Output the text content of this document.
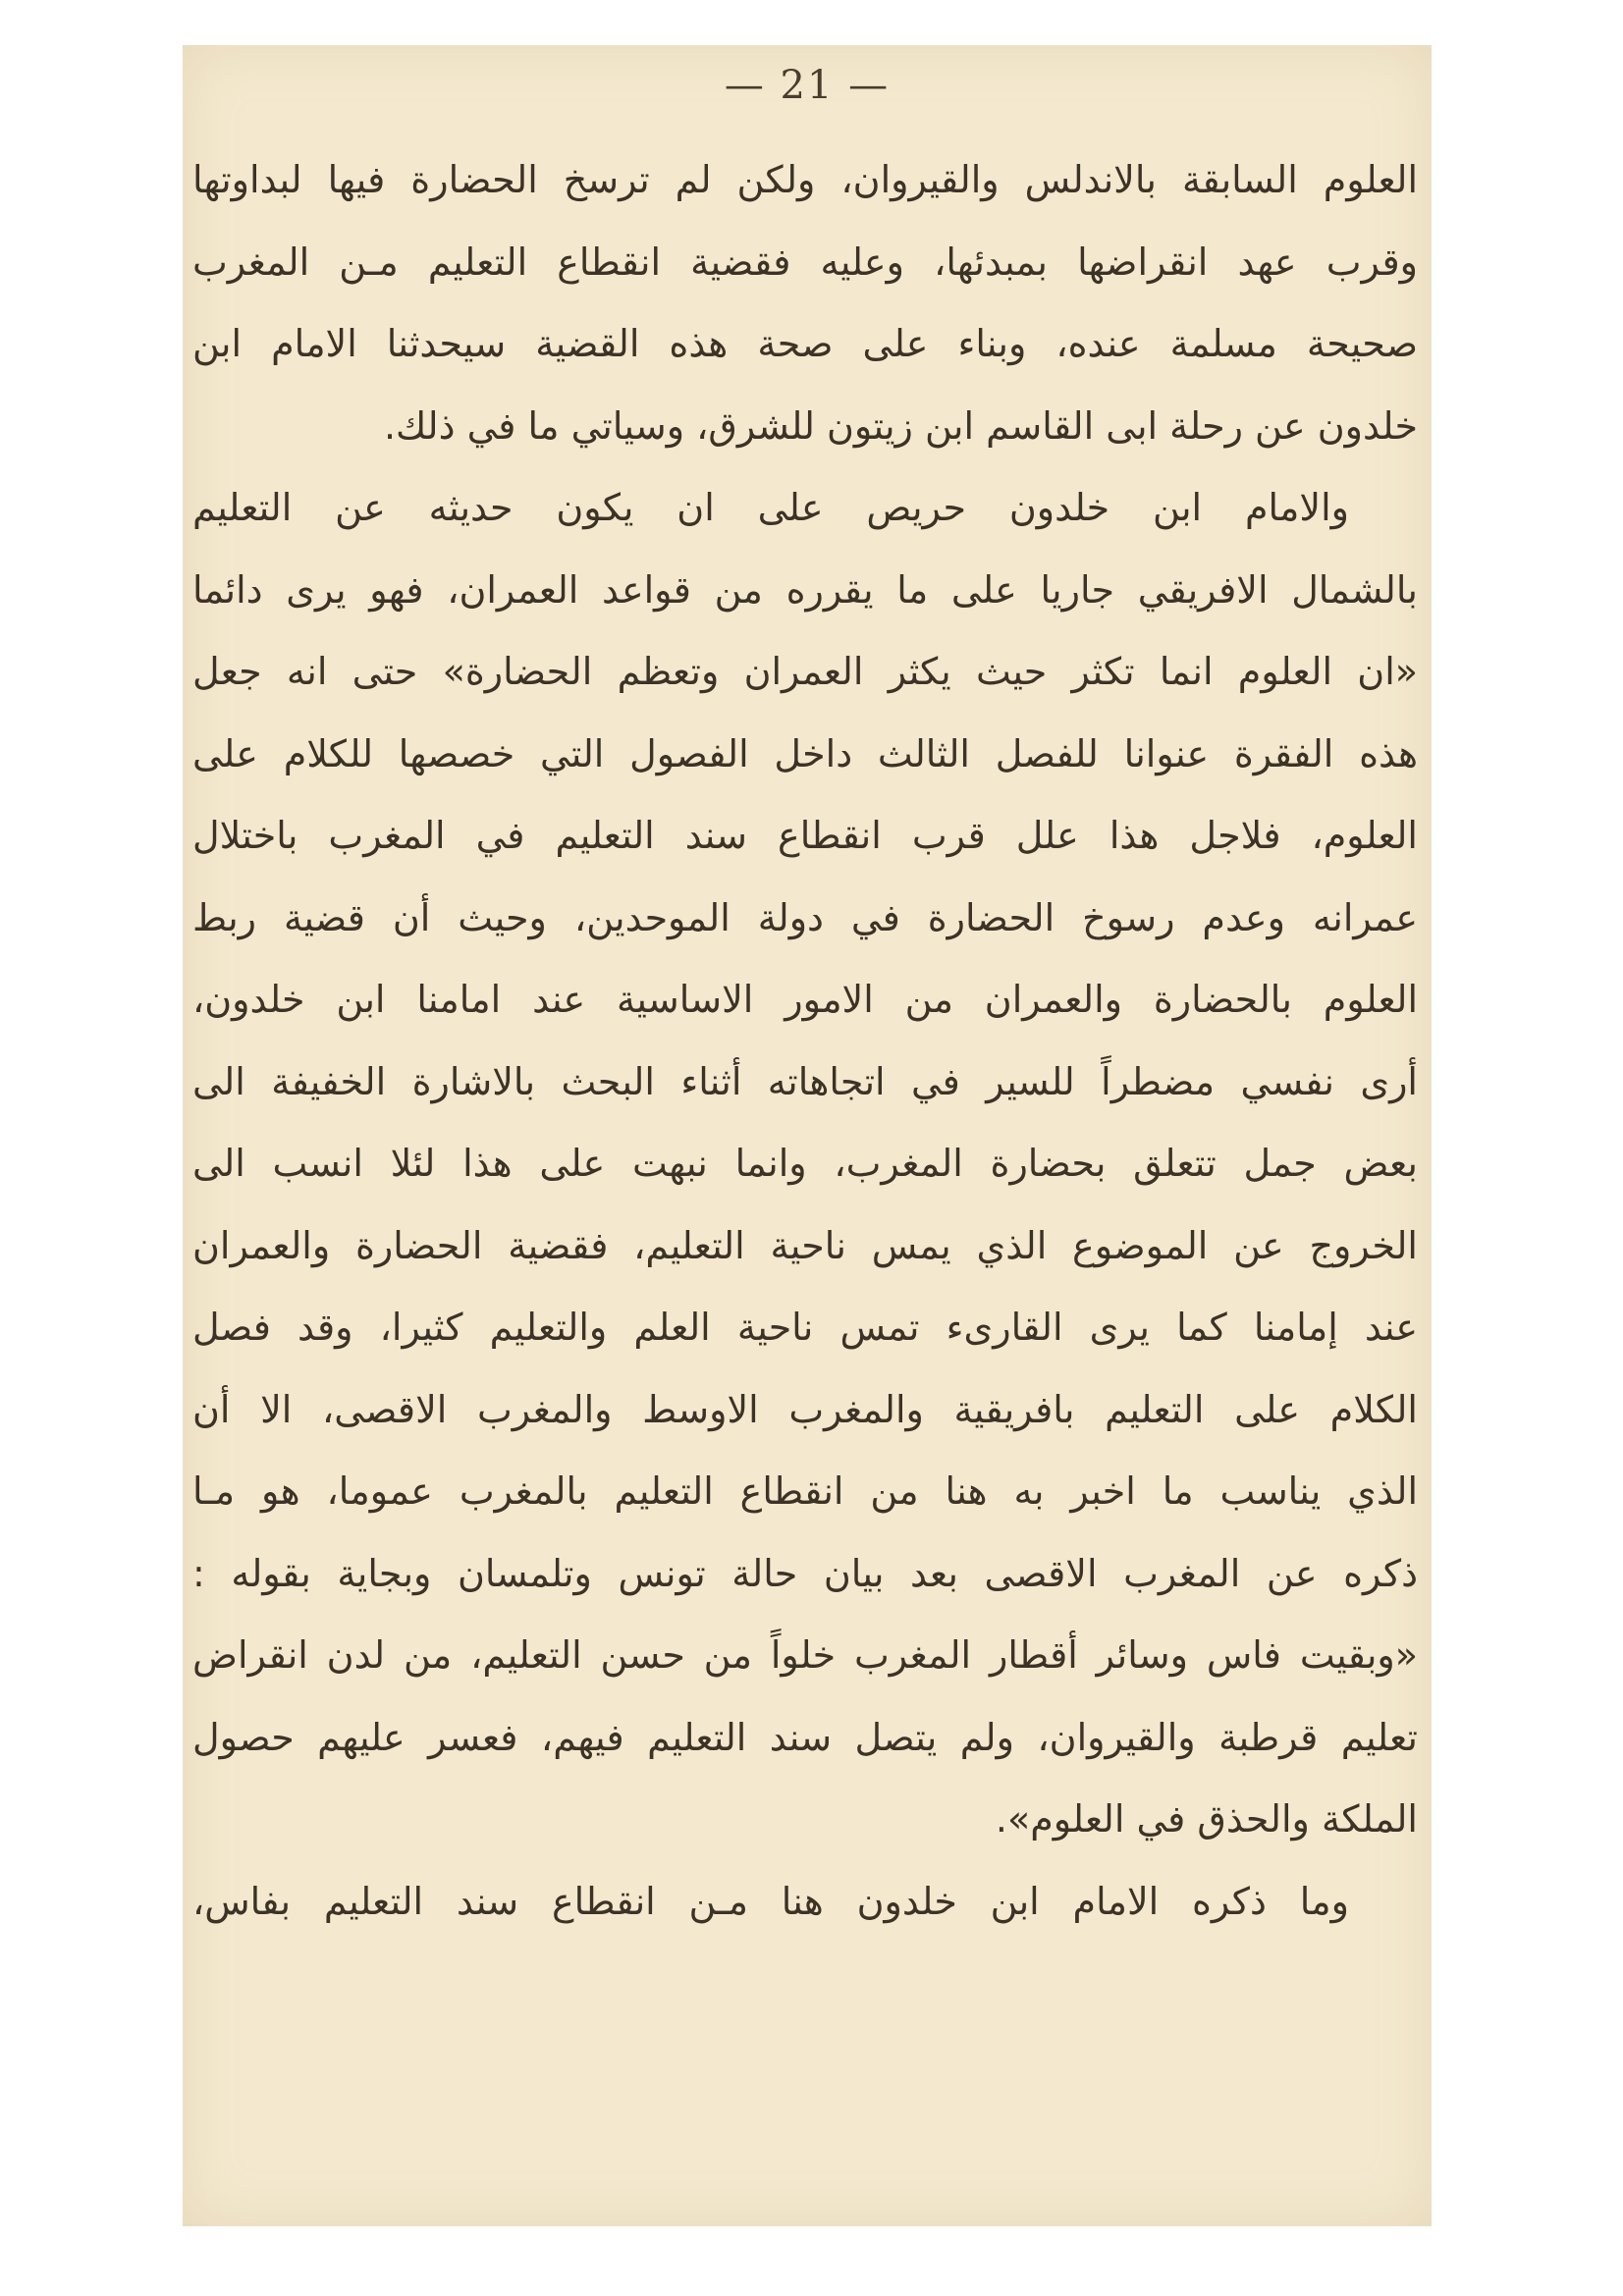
— 21 —
العلوم السابقة بالاندلس والقيروان، ولكن لم ترسخ الحضارة فيها لبداوتها
وقرب عهد انقراضها بمبدئها، وعليه فقضية انقطاع التعليم مـن المغرب
صحيحة مسلمة عنده، وبناء على صحة هذه القضية سيحدثنا الامام ابن
خلدون عن رحلة ابى القاسم ابن زيتون للشرق، وسياتي ما في ذلك.
والامام ابن خلدون حريص على ان يكون حديثه عن التعليم
بالشمال الافريقي جاريا على ما يقرره من قواعد العمران، فهو يرى دائما
«ان العلوم انما تكثر حيث يكثر العمران وتعظم الحضارة» حتى انه جعل
هذه الفقرة عنوانا للفصل الثالث داخل الفصول التي خصصها للكلام على
العلوم، فلاجل هذا علل قرب انقطاع سند التعليم في المغرب باختلال
عمرانه وعدم رسوخ الحضارة في دولة الموحدين، وحيث أن قضية ربط
العلوم بالحضارة والعمران من الامور الاساسية عند امامنا ابن خلدون،
أرى نفسي مضطراً للسير في اتجاهاته أثناء البحث بالاشارة الخفيفة الى
بعض جمل تتعلق بحضارة المغرب، وانما نبهت على هذا لئلا انسب الى
الخروج عن الموضوع الذي يمس ناحية التعليم، فقضية الحضارة والعمران
عند إمامنا كما يرى القارىء تمس ناحية العلم والتعليم كثيرا، وقد فصل
الكلام على التعليم بافريقية والمغرب الاوسط والمغرب الاقصى، الا أن
الذي يناسب ما اخبر به هنا من انقطاع التعليم بالمغرب عموما، هو مـا
ذكره عن المغرب الاقصى بعد بيان حالة تونس وتلمسان وبجاية بقوله :
«وبقيت فاس وسائر أقطار المغرب خلواً من حسن التعليم، من لدن انقراض
تعليم قرطبة والقيروان، ولم يتصل سند التعليم فيهم، فعسر عليهم حصول
الملكة والحذق في العلوم».
وما ذكره الامام ابن خلدون هنا مـن انقطاع سند التعليم بفاس،
